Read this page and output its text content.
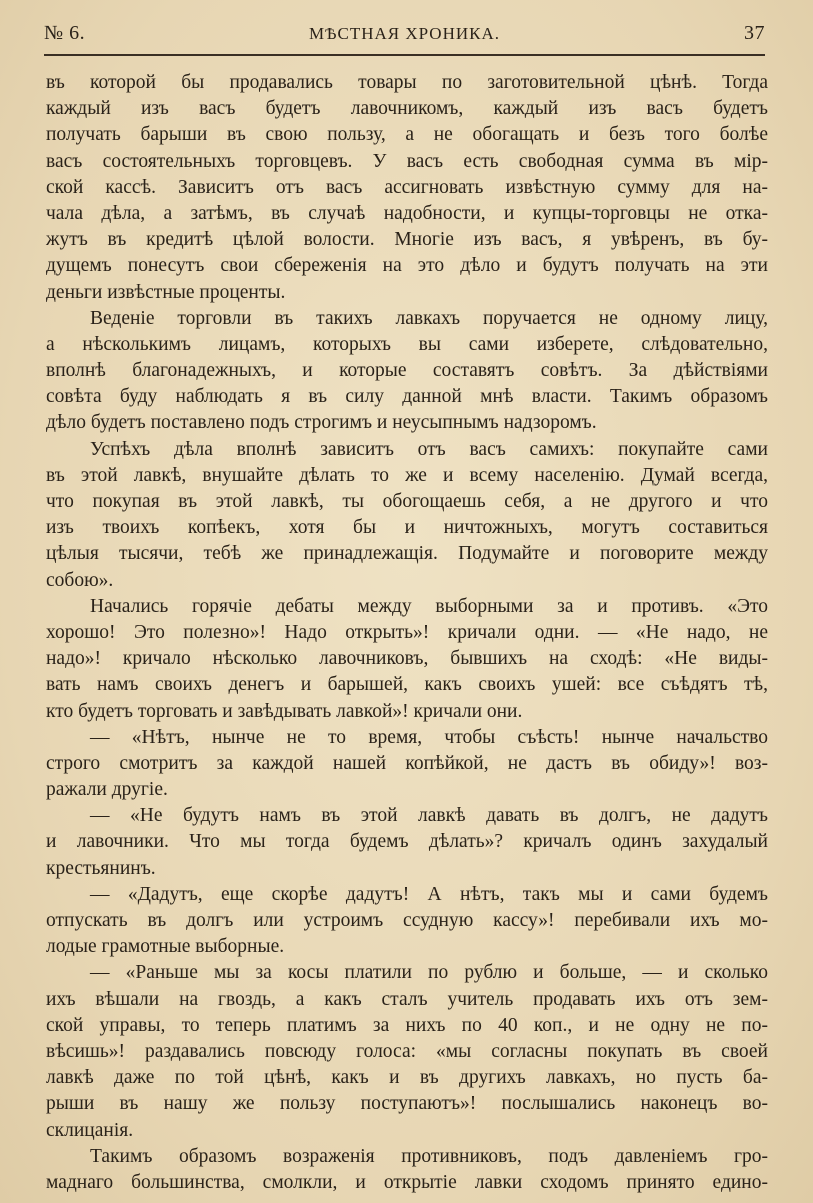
№ 6.	МѢСТНАЯ ХРОНИКА.	37
въ которой бы продавались товары по заготовительной цѣнѣ. Тогда
каждый изъ васъ будетъ лавочникомъ, каждый изъ васъ будетъ
получать барыши въ свою пользу, а не обогащать и безъ того болѣе
васъ состоятельныхъ торговцевъ. У васъ есть свободная сумма въ мір-
ской кассѣ. Зависитъ отъ васъ ассигновать извѣстную сумму для на-
чала дѣла, а затѣмъ, въ случаѣ надобности, и купцы-торговцы не отка-
жутъ въ кредитѣ цѣлой волости. Многіе изъ васъ, я увѣренъ, въ бу-
дущемъ понесутъ свои сбереженія на это дѣло и будутъ получать на эти
деньги извѣстные проценты.
Веденіе торговли въ такихъ лавкахъ поручается не одному лицу,
а нѣсколькимъ лицамъ, которыхъ вы сами изберете, слѣдовательно,
вполнѣ благонадежныхъ, и которые составятъ совѣтъ. За дѣйствіями
совѣта буду наблюдать я въ силу данной мнѣ власти. Такимъ образомъ
дѣло будетъ поставлено подъ строгимъ и неусыпнымъ надзоромъ.
Успѣхъ дѣла вполнѣ зависитъ отъ васъ самихъ: покупайте сами
въ этой лавкѣ, внушайте дѣлать то же и всему населенію. Думай всегда,
что покупая въ этой лавкѣ, ты обогощаешь себя, а не другого и что
изъ твоихъ копѣекъ, хотя бы и ничтожныхъ, могутъ составиться
цѣлыя тысячи, тебѣ же принадлежащія. Подумайте и поговорите между
собою».
Начались горячіе дебаты между выборными за и противъ. «Это
хорошо! Это полезно»! Надо открыть»! кричали одни. — «Не надо, не
надо»! кричало нѣсколько лавочниковъ, бывшихъ на сходѣ: «Не виды-
вать намъ своихъ денегъ и барышей, какъ своихъ ушей: все съѣдятъ тѣ,
кто будетъ торговать и завѣдывать лавкой»! кричали они.
— «Нѣтъ, нынче не то время, чтобы съѣсть! нынче начальство
строго смотритъ за каждой нашей копѣйкой, не дастъ въ обиду»! воз-
ражали другіе.
— «Не будутъ намъ въ этой лавкѣ давать въ долгъ, не дадутъ
и лавочники. Что мы тогда будемъ дѣлать»? кричалъ одинъ захудалый
крестьянинъ.
— «Дадутъ, еще скорѣе дадутъ! А нѣтъ, такъ мы и сами будемъ
отпускать въ долгъ или устроимъ ссудную кассу»! перебивали ихъ мо-
лодые грамотные выборные.
— «Раньше мы за косы платили по рублю и больше, — и сколько
ихъ вѣшали на гвоздь, а какъ сталъ учитель продавать ихъ отъ зем-
ской управы, то теперь платимъ за нихъ по 40 коп., и не одну не по-
вѣсишь»! раздавались повсюду голоса: «мы согласны покупать въ своей
лавкѣ даже по той цѣнѣ, какъ и въ другихъ лавкахъ, но пусть ба-
рыши въ нашу же пользу поступаютъ»! послышались наконецъ во-
склицанія.
Такимъ образомъ возраженія противниковъ, подъ давленіемъ гро-
маднаго большинства, смолкли, и открытіе лавки сходомъ принято едино-
